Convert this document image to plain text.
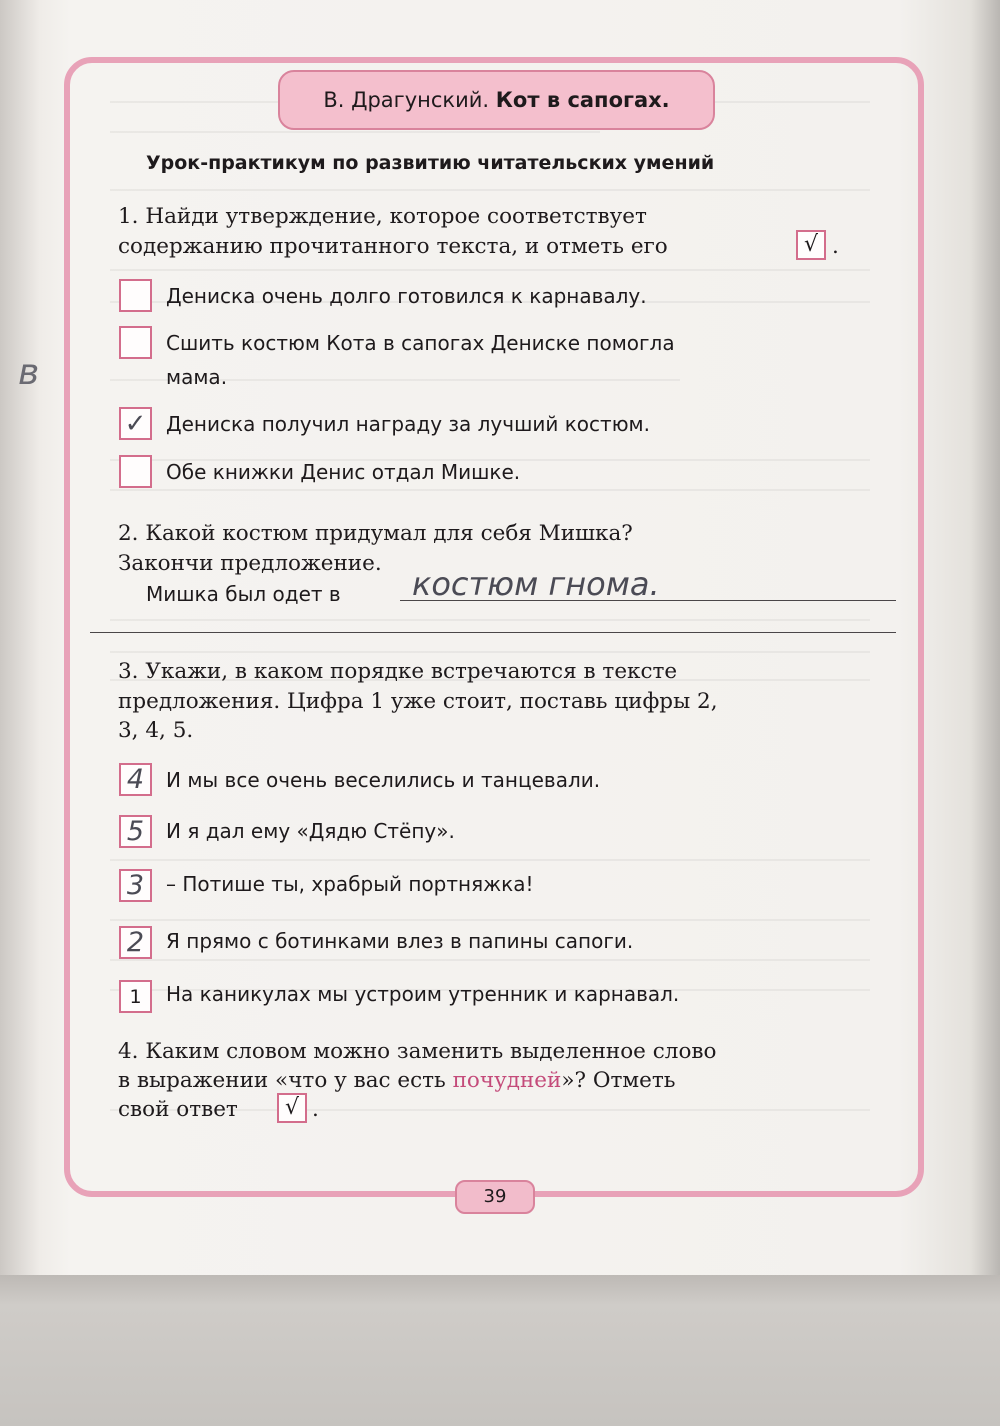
В. Драгунский. Кот в сапогах.
Урок-практикум по развитию читательских умений
1. Найди утверждение, которое соответствует
содержанию прочитанного текста, и отметь его	√ .
Дениска очень долго готовился к карнавалу.
Сшить костюм Кота в сапогах Дениске помогла
мама.
✓ Дениска получил награду за лучший костюм.
Обе книжки Денис отдал Мишке.
2. Какой костюм придумал для себя Мишка?
Закончи предложение.
Мишка был одет в костюм гнома.
3. Укажи, в каком порядке встречаются в тексте
предложения. Цифра 1 уже стоит, поставь цифры 2,
3, 4, 5.
4 И мы все очень веселились и танцевали.
5 И я дал ему «Дядю Стёпу».
3 – Потише ты, храбрый портняжка!
2 Я прямо с ботинками влез в папины сапоги.
1	На каникулах мы устроим утренник и карнавал.
4. Каким словом можно заменить выделенное слово
в выражении «что у вас есть почудней»? Отметь
свой ответ √ .
в
39
